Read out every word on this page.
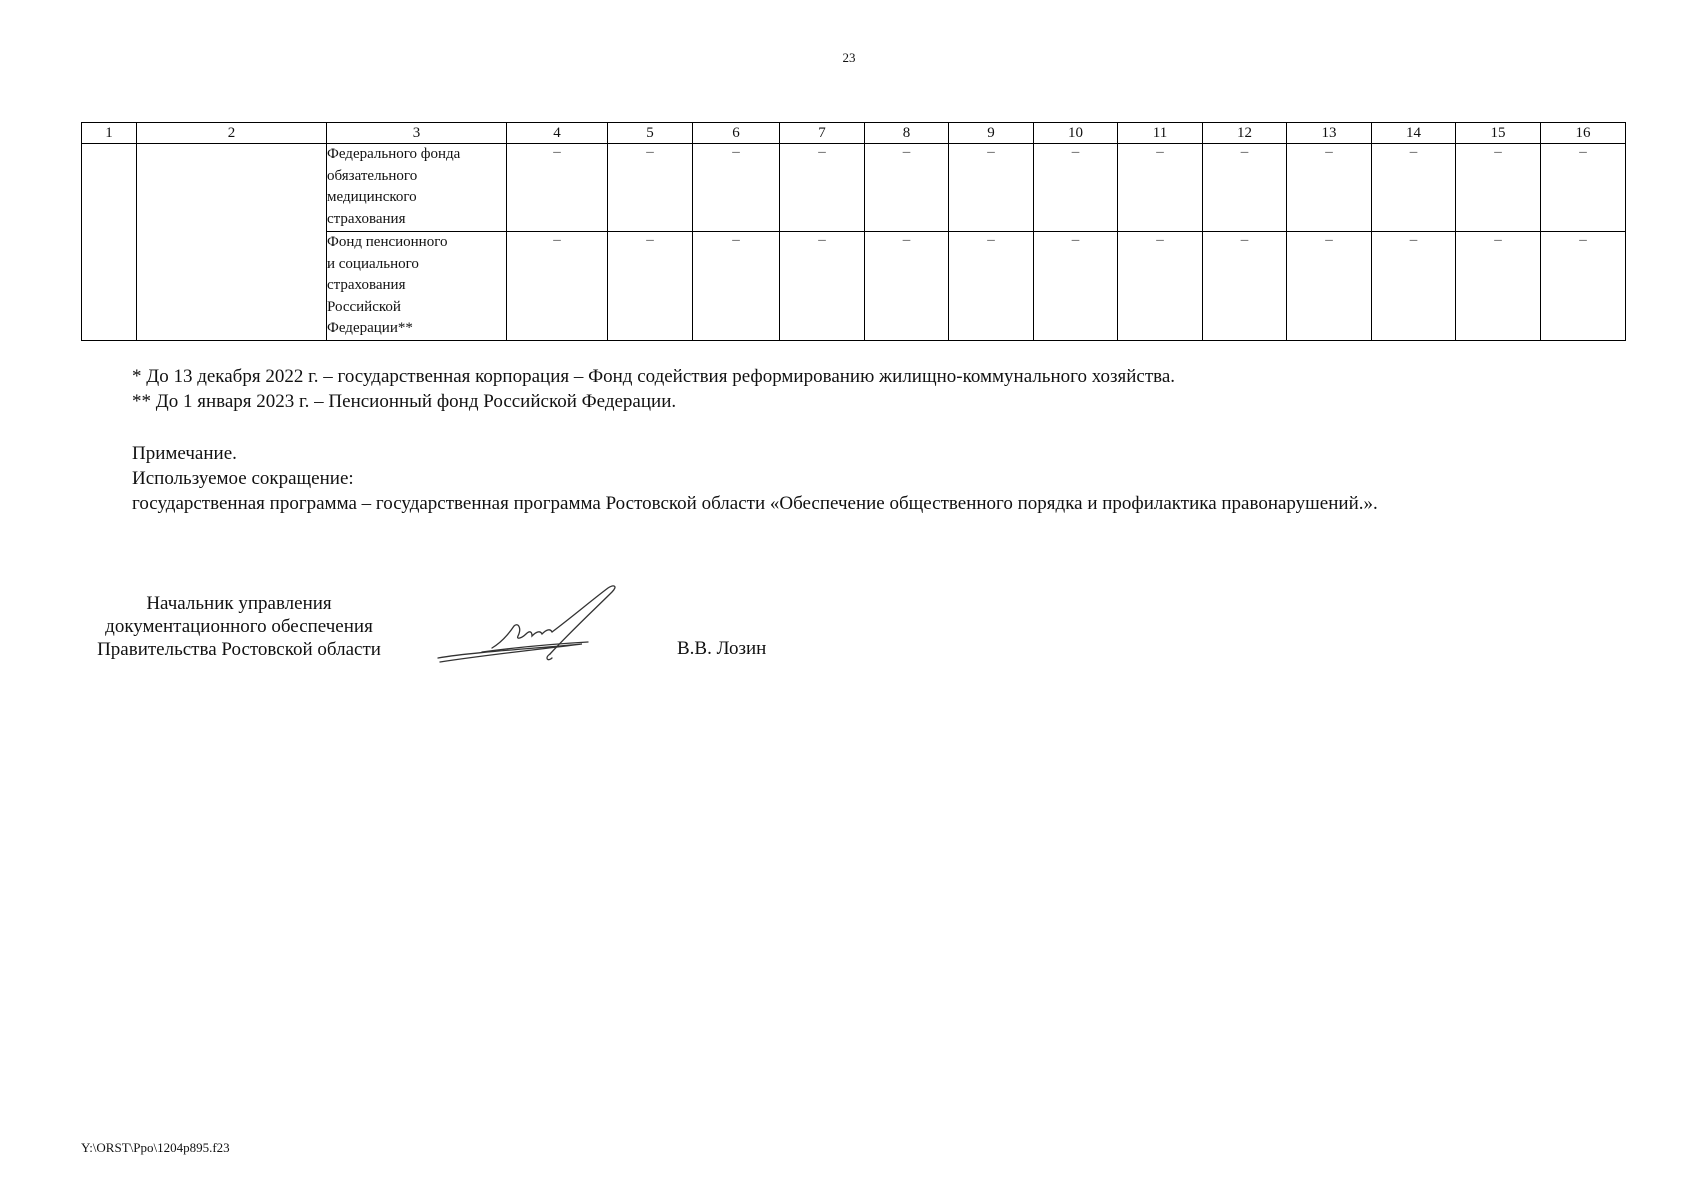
23
1	2	3	4	5	6	7	8	9	10	11	12	13	14	15	16

		Федерального фонда
обязательного
медицинского
страхования	–	–	–	–	–	–	–	–	–	–	–	–	–

		Фонд пенсионного
и социального
страхования
Российской
Федерации**	–	–	–	–	–	–	–	–	–	–	–	–	–

* До 13 декабря 2022 г. – государственная корпорация – Фонд содействия реформированию жилищно-коммунального хозяйства.

** До 1 января 2023 г. – Пенсионный фонд Российской Федерации.

Примечание.

Используемое сокращение:

государственная программа – государственная программа Ростовской области «Обеспечение общественного порядка и профилактика правонарушений.».

Начальник управления
документационного обеспечения
Правительства Ростовской области	В.В. Лозин
Y:\ORST\Ppo\1204p895.f23
